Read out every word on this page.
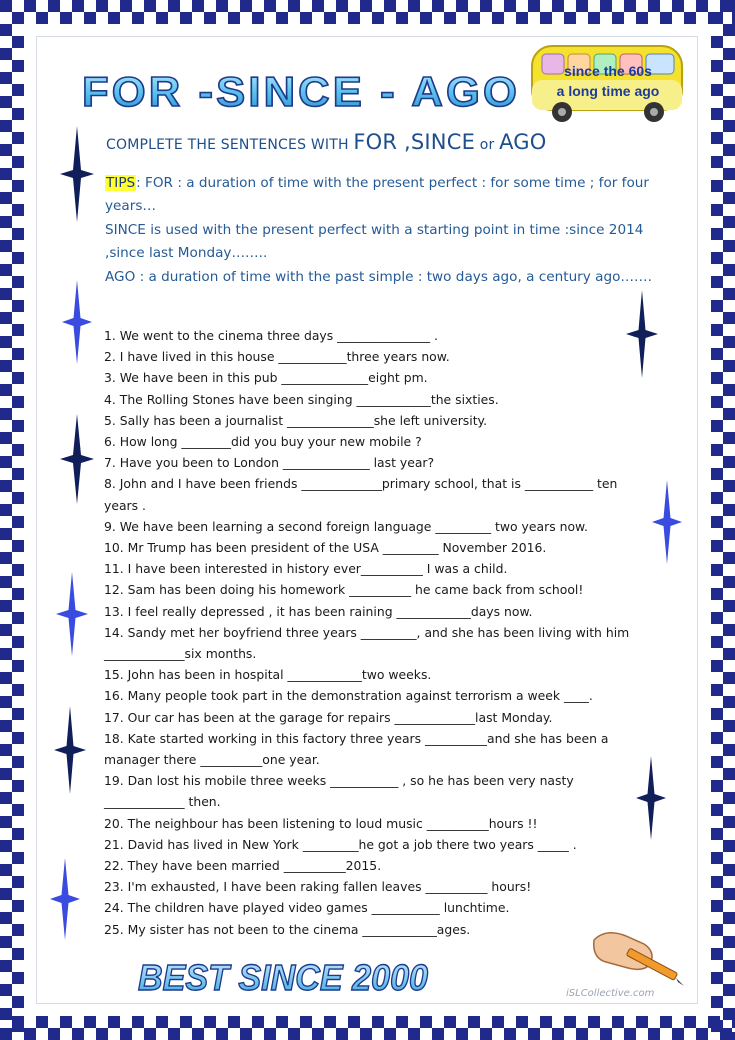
FOR -SINCE - AGO	since the 60s
a long time ago
COMPLETE THE SENTENCES WITH FOR ,SINCE or AGO

TIPS: FOR : a duration of time with the present perfect : for some time ; for four years…

SINCE is used with the present perfect with a starting point in time :since 2014 ,since last Monday……..

AGO : a duration of time with the past simple : two days ago, a century ago…….

1. We went to the cinema three days _______________ .
2. I have lived in this house ___________three years now.
3. We have been in this pub ______________eight pm.
4. The Rolling Stones have been singing ____________the sixties.
5. Sally has been a journalist ______________she left university.
6. How long ________did you buy your new mobile ?
7. Have you been to London ______________ last year?
8. John and I have been friends _____________primary school, that is ___________ ten years .
9. We have been learning a second foreign language _________ two years now.
10. Mr Trump has been president of the USA _________ November 2016.
11. I have been interested in history ever__________ I was a child.
12. Sam has been doing his homework __________ he came back from school!
13. I feel really depressed , it has been raining ____________days now.
14. Sandy met her boyfriend three years _________, and she has been living with him _____________six months.
15. John has been in hospital ____________two weeks.
16. Many people took part in the demonstration against terrorism a week ____.
17. Our car has been at the garage for repairs _____________last Monday.
18. Kate started working in this factory three years __________and she has been a manager there __________one year.
19. Dan lost his mobile three weeks ___________ , so he has been very nasty _____________ then.
20. The neighbour has been listening to loud music __________hours !!
21. David has lived in New York _________he got a job there two years _____ .
22. They have been married __________2015.
23. I'm exhausted, I have been raking fallen leaves __________ hours!
24. The children have played video games ___________ lunchtime.
25. My sister has not been to the cinema ____________ages.
BEST SINCE 2000	iSLCollective.com
